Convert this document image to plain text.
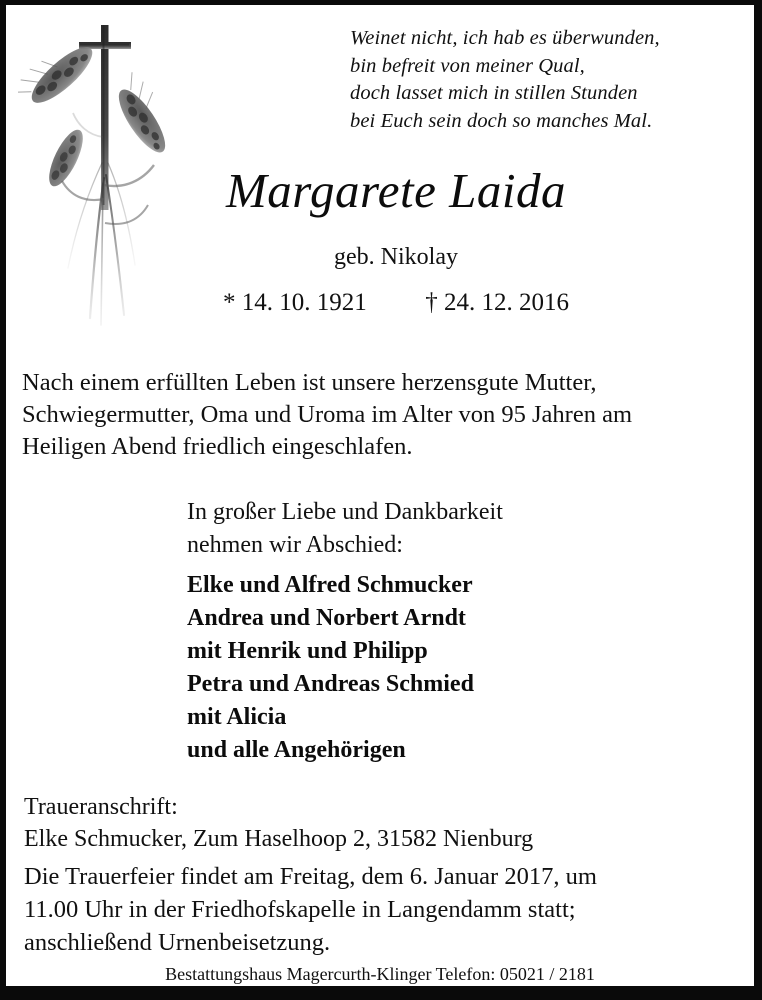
Weinet nicht, ich hab es überwunden,
bin befreit von meiner Qual,
doch lasset mich in stillen Stunden
bei Euch sein doch so manches Mal.
Margarete Laida
geb. Nikolay
* 14. 10. 1921 † 24. 12. 2016
Nach einem erfüllten Leben ist unsere herzensgute Mutter,
Schwiegermutter, Oma und Uroma im Alter von 95 Jahren am
Heiligen Abend friedlich eingeschlafen.
In großer Liebe und Dankbarkeit
nehmen wir Abschied:
Elke und Alfred Schmucker
Andrea und Norbert Arndt
mit Henrik und Philipp
Petra und Andreas Schmied
mit Alicia
und alle Angehörigen
Traueranschrift:
Elke Schmucker, Zum Haselhoop 2, 31582 Nienburg
Die Trauerfeier findet am Freitag, dem 6. Januar 2017, um
11.00 Uhr in der Friedhofskapelle in Langendamm statt;
anschließend Urnenbeisetzung.
Bestattungshaus Magercurth-Klinger Telefon: 05021 / 2181
